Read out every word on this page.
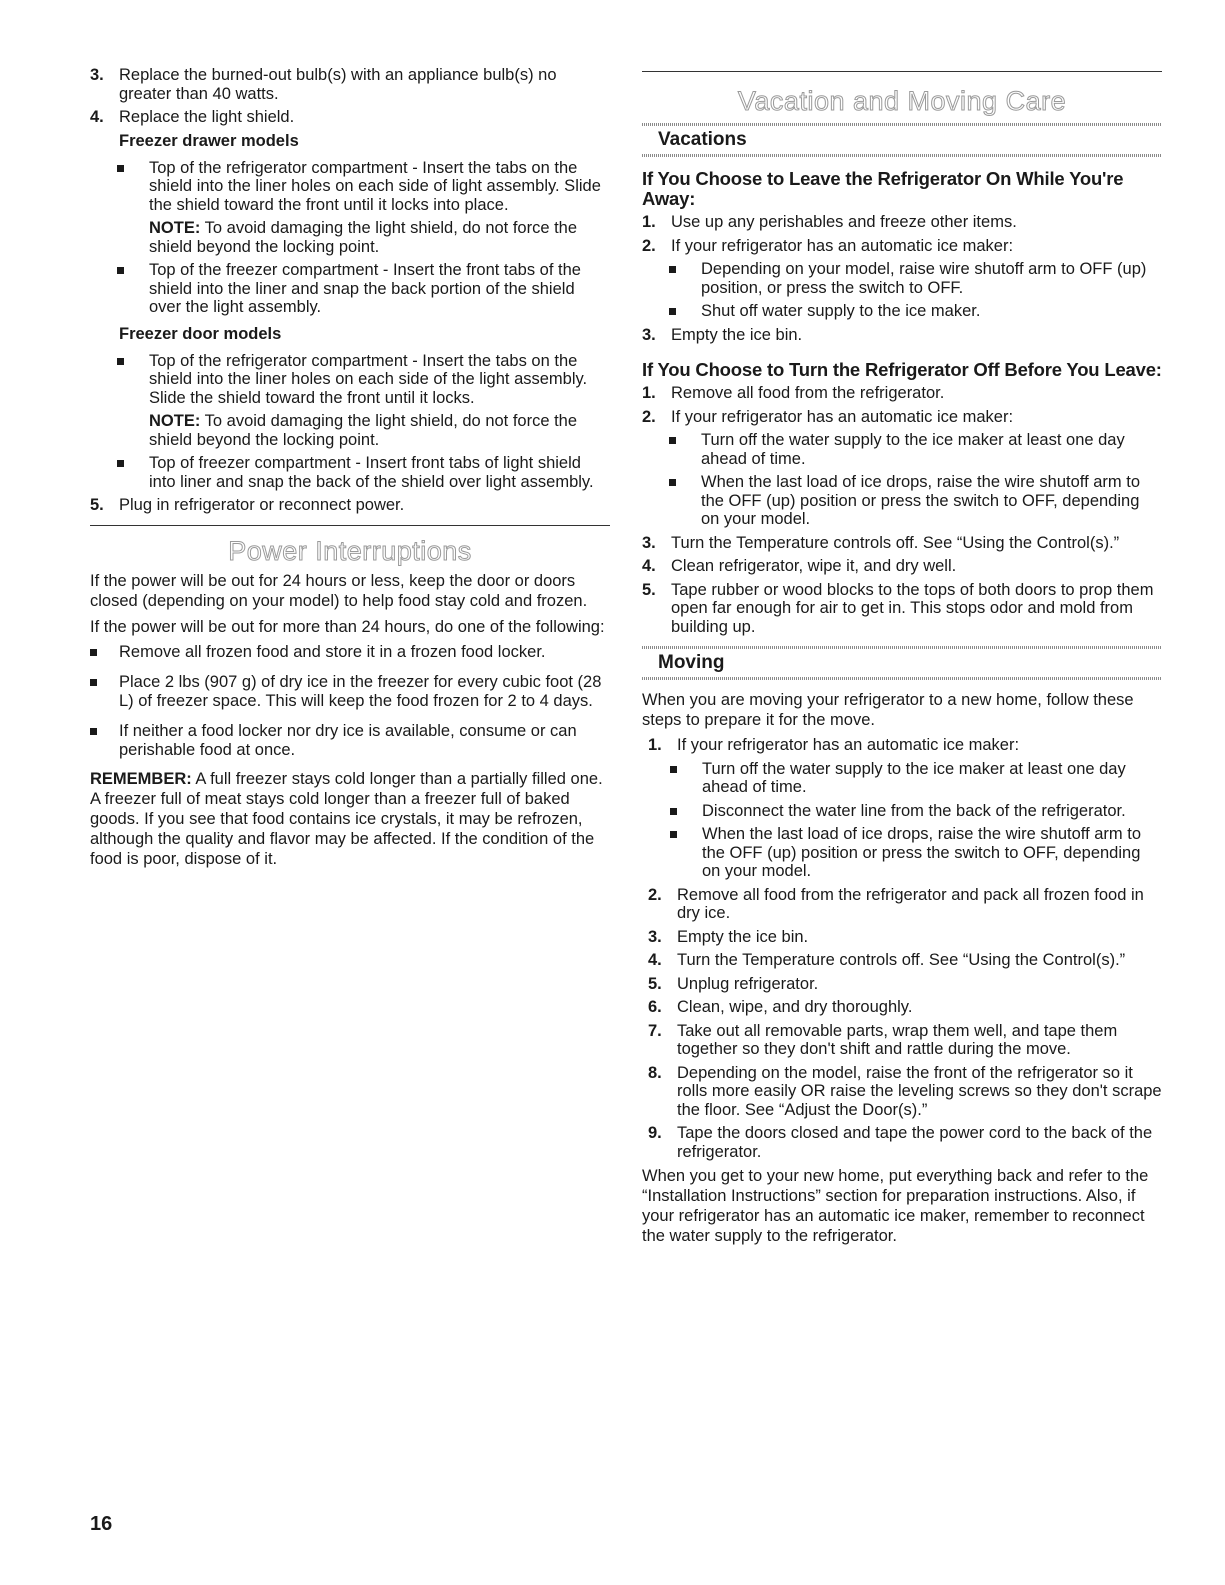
3. Replace the burned-out bulb(s) with an appliance bulb(s) no greater than 40 watts.
4. Replace the light shield.
Freezer drawer models
Top of the refrigerator compartment - Insert the tabs on the shield into the liner holes on each side of light assembly. Slide the shield toward the front until it locks into place.
NOTE: To avoid damaging the light shield, do not force the shield beyond the locking point.
Top of the freezer compartment - Insert the front tabs of the shield into the liner and snap the back portion of the shield over the light assembly.
Freezer door models
Top of the refrigerator compartment - Insert the tabs on the shield into the liner holes on each side of the light assembly. Slide the shield toward the front until it locks.
NOTE: To avoid damaging the light shield, do not force the shield beyond the locking point.
Top of freezer compartment - Insert front tabs of light shield into liner and snap the back of the shield over light assembly.
5. Plug in refrigerator or reconnect power.
Power Interruptions
If the power will be out for 24 hours or less, keep the door or doors closed (depending on your model) to help food stay cold and frozen.
If the power will be out for more than 24 hours, do one of the following:
Remove all frozen food and store it in a frozen food locker.
Place 2 lbs (907 g) of dry ice in the freezer for every cubic foot (28 L) of freezer space. This will keep the food frozen for 2 to 4 days.
If neither a food locker nor dry ice is available, consume or can perishable food at once.
REMEMBER: A full freezer stays cold longer than a partially filled one. A freezer full of meat stays cold longer than a freezer full of baked goods. If you see that food contains ice crystals, it may be refrozen, although the quality and flavor may be affected. If the condition of the food is poor, dispose of it.
Vacation and Moving Care
Vacations
If You Choose to Leave the Refrigerator On While You're Away:
1. Use up any perishables and freeze other items.
2. If your refrigerator has an automatic ice maker:
Depending on your model, raise wire shutoff arm to OFF (up) position, or press the switch to OFF.
Shut off water supply to the ice maker.
3. Empty the ice bin.
If You Choose to Turn the Refrigerator Off Before You Leave:
1. Remove all food from the refrigerator.
2. If your refrigerator has an automatic ice maker:
Turn off the water supply to the ice maker at least one day ahead of time.
When the last load of ice drops, raise the wire shutoff arm to the OFF (up) position or press the switch to OFF, depending on your model.
3. Turn the Temperature controls off. See “Using the Control(s).”
4. Clean refrigerator, wipe it, and dry well.
5. Tape rubber or wood blocks to the tops of both doors to prop them open far enough for air to get in. This stops odor and mold from building up.
Moving
When you are moving your refrigerator to a new home, follow these steps to prepare it for the move.
1. If your refrigerator has an automatic ice maker:
Turn off the water supply to the ice maker at least one day ahead of time.
Disconnect the water line from the back of the refrigerator.
When the last load of ice drops, raise the wire shutoff arm to the OFF (up) position or press the switch to OFF, depending on your model.
2. Remove all food from the refrigerator and pack all frozen food in dry ice.
3. Empty the ice bin.
4. Turn the Temperature controls off. See “Using the Control(s).”
5. Unplug refrigerator.
6. Clean, wipe, and dry thoroughly.
7. Take out all removable parts, wrap them well, and tape them together so they don't shift and rattle during the move.
8. Depending on the model, raise the front of the refrigerator so it rolls more easily OR raise the leveling screws so they don't scrape the floor. See “Adjust the Door(s).”
9. Tape the doors closed and tape the power cord to the back of the refrigerator.
When you get to your new home, put everything back and refer to the “Installation Instructions” section for preparation instructions. Also, if your refrigerator has an automatic ice maker, remember to reconnect the water supply to the refrigerator.
16
